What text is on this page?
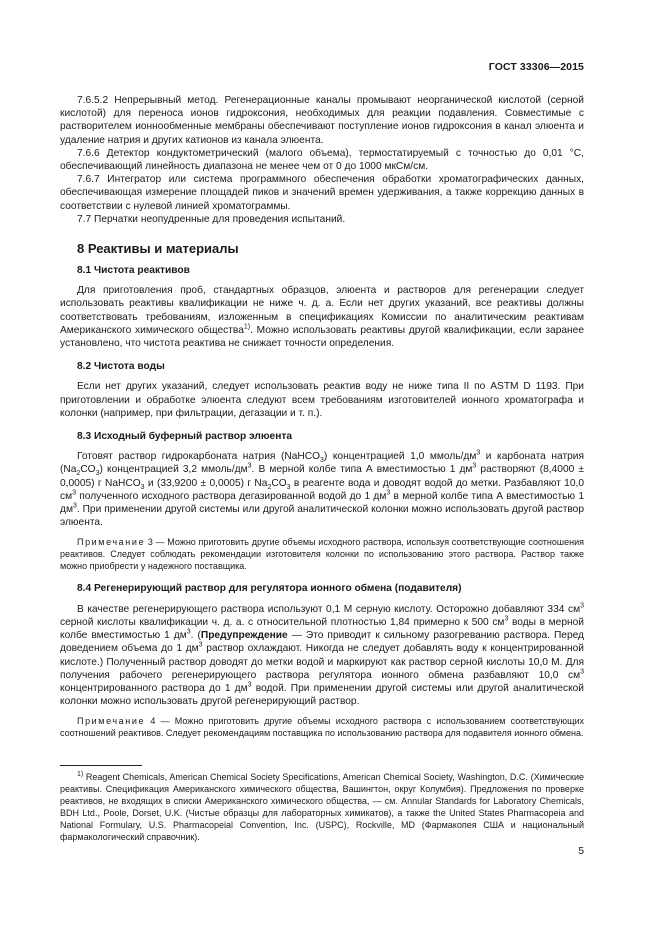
ГОСТ 33306—2015

7.6.5.2 Непрерывный метод. Регенерационные каналы промывают неорганической кислотой (серной кислотой) для переноса ионов гидроксония, необходимых для реакции подавления. Совместимые с растворителем ионнообменные мембраны обеспечивают поступление ионов гидроксония в канал элюента и удаление натрия и других катионов из канала элюента.

7.6.6 Детектор кондуктометрический (малого объема), термостатируемый с точностью до 0,01 °С, обеспечивающий линейность диапазона не менее чем от 0 до 1000 мкСм/см.

7.6.7 Интегратор или система программного обеспечения обработки хроматографических данных, обеспечивающая измерение площадей пиков и значений времен удерживания, а также коррекцию данных в соответствии с нулевой линией хроматограммы.

7.7 Перчатки неопудренные для проведения испытаний.

8 Реактивы и материалы
8.1 Чистота реактивов

Для приготовления проб, стандартных образцов, элюента и растворов для регенерации следует использовать реактивы квалификации не ниже ч. д. а. Если нет других указаний, все реактивы должны соответствовать требованиям, изложенным в спецификациях Комиссии по аналитическим реактивам Американского химического общества$^{1)}$. Можно использовать реактивы другой квалификации, если заранее установлено, что чистота реактива не снижает точности определения.

8.2 Чистота воды

Если нет других указаний, следует использовать реактив воду не ниже типа II по ASTM D 1193. При приготовлении и обработке элюента следуют всем требованиям изготовителей ионного хроматографа и колонки (например, при фильтрации, дегазации и т. п.).

8.3 Исходный буферный раствор элюента

Готовят раствор гидрокарбоната натрия (NaHCO$_3$) концентрацией 1,0 ммоль/$дм^3$ и карбоната натрия $(Na_2CO_3)$ концентрацией 3,2 ммоль/$дм^3$. В мерной колбе типа А вместимостью 1 $дм^3$ растворяют (8,4000 ± 0,0005) г NaHCO$_3$ и (33,9200 ± 0,0005) г $Na_2CO_3$ в реагенте вода и доводят водой до метки. Разбавляют 10,0 $см^3$ полученного исходного раствора дегазированной водой до 1 $дм^3$ в мерной колбе типа А вместимостью 1 $дм^3$. При применении другой системы или другой аналитической колонки можно использовать другой раствор элюента.

Примечание 3 — Можно приготовить другие объемы исходного раствора, используя соответствующие соотношения реактивов. Следует соблюдать рекомендации изготовителя колонки по использованию этого раствора. Раствор также можно приобрести у надежного поставщика.

8.4 Регенерирующий раствор для регулятора ионного обмена (подавителя)

В качестве регенерирующего раствора используют 0,1 М серную кислоту. Осторожно добавляют 334 $см^3$ серной кислоты квалификации ч. д. а. с относительной плотностью 1,84 примерно к 500 $см^3$ воды в мерной колбе вместимостью 1 $дм^3$. (Предупреждение — Это приводит к сильному разогреванию раствора. Перед доведением объема до 1 $дм^3$ раствор охлаждают. Никогда не следует добавлять воду к концентрированной кислоте.) Полученный раствор доводят до метки водой и маркируют как раствор серной кислоты 10,0 М. Для получения рабочего регенерирующего раствора регулятора ионного обмена разбавляют 10,0 $см^3$ концентрированного раствора до 1 $дм^3$ водой. При применении другой системы или другой аналитической колонки можно использовать другой регенерирующий раствор.

Примечание 4 — Можно приготовить другие объемы исходного раствора с использованием соответствующих соотношений реактивов. Следует рекомендациям поставщика по использованию раствора для подавителя ионного обмена.

$^{1)}$ Reagent Chemicals, American Chemical Society Specifications, American Chemical Society, Washington, D.C. (Химические реактивы. Спецификация Американского химического общества, Вашингтон, округ Колумбия). Предложения по проверке реактивов, не входящих в списки Американского химического общества, — см. Annular Standards for Laboratory Chemicals, BDH Ltd., Poole, Dorset, U.K. (Чистые образцы для лабораторных химикатов), а также the United States Pharmacopeia and National Formulary, U.S. Pharmacopeial Convention, Inc. (USPC), Rockville, MD (Фармакопея США и национальный фармакологический справочник).

5
